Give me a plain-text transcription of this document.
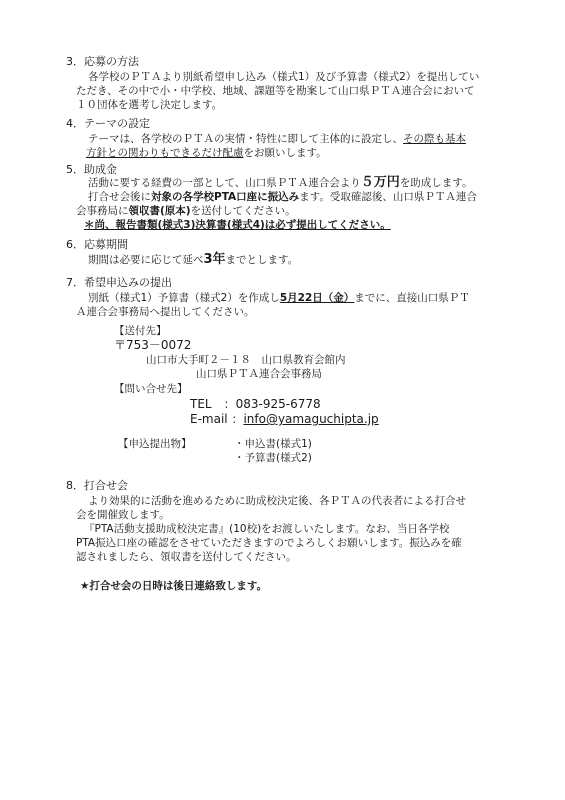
3．応募の方法
各学校のＰＴＡより別紙希望申し込み（様式1）及び予算書（様式2）を提出してい
ただき、その中で小・中学校、地域、課題等を勘案して山口県ＰＴＡ連合会において
１０団体を選考し決定します。
4．テーマの設定
テーマは、各学校のＰＴＡの実情・特性に即して主体的に設定し、その際も基本
方針との関わりもできるだけ配慮をお願いします。
5．助成金
活動に要する経費の一部として、山口県ＰＴＡ連合会より５万円を助成します。
打合せ会後に対象の各学校PTA口座に振込みます。受取確認後、山口県ＰＴＡ連合
会事務局に領収書(原本)を送付してください。
＊尚、報告書類(様式3)決算書(様式4)は必ず提出してください。
6．応募期間
期間は必要に応じて延べ3年までとします。
7．希望申込みの提出
別紙（様式1）予算書（様式2）を作成し5月22日（金）までに、直接山口県ＰＴ
Ａ連合会事務局へ提出してください。
【送付先】
〒753－0072
山口市大手町２－１８　山口県教育会館内
山口県ＰＴＡ連合会事務局
【問い合せ先】
TEL　：083-925-6778
E-mail ：info@yamaguchipta.jp
【申込提出物】	・申込書(様式1)
・予算書(様式2)
8．打合せ会
より効果的に活動を進めるために助成校決定後、各ＰＴＡの代表者による打合せ
会を開催致します。
『PTA活動支援助成校決定書』(10校)をお渡しいたします。なお、当日各学校
PTA振込口座の確認をさせていただきますのでよろしくお願いします。振込みを確
認されましたら、領収書を送付してください。
★打合せ会の日時は後日連絡致します。
